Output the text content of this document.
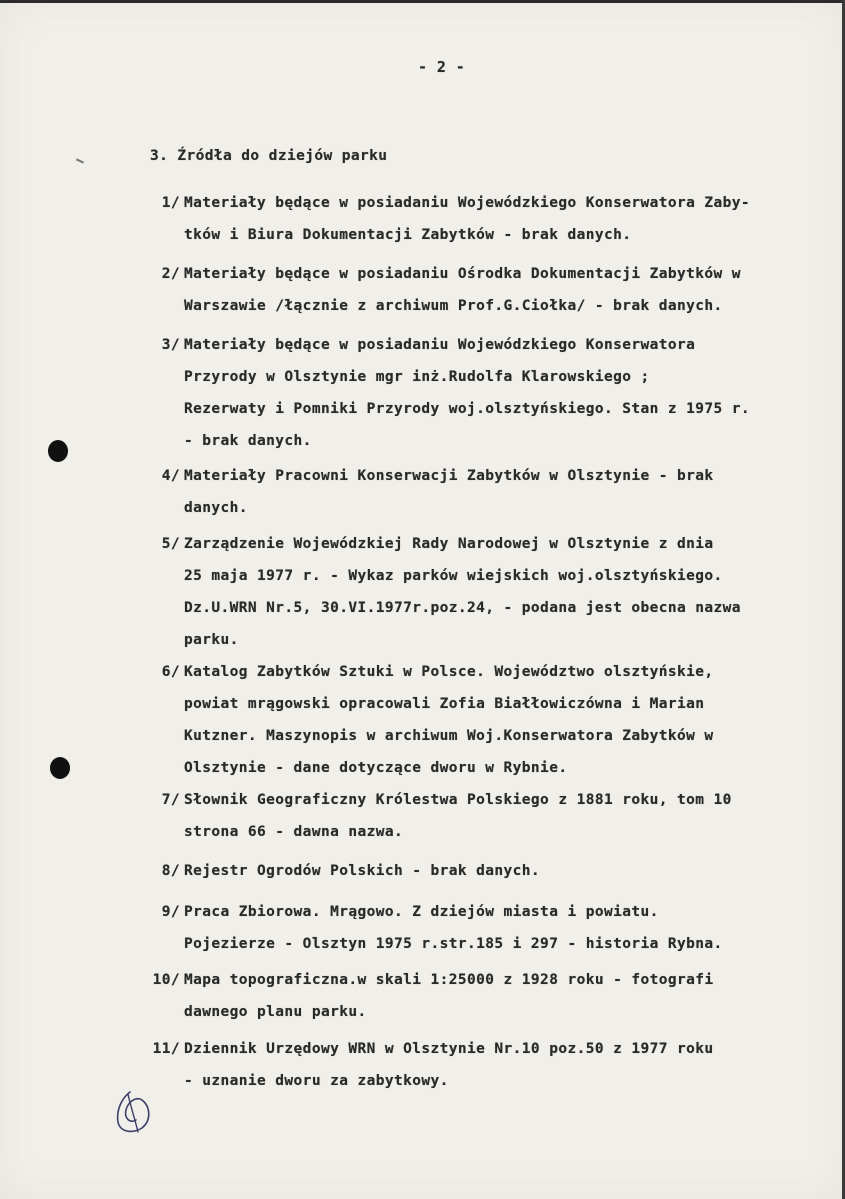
- 2 -
3. Źródła do dziejów parku
1/ Materiały będące w posiadaniu Wojewódzkiego Konserwatora Zaby-
tków i Biura Dokumentacji Zabytków - brak danych.
2/ Materiały będące w posiadaniu Ośrodka Dokumentacji Zabytków w
Warszawie /łącznie z archiwum Prof.G.Ciołka/ - brak danych.
3/ Materiały będące w posiadaniu Wojewódzkiego Konserwatora
Przyrody w Olsztynie mgr inż.Rudolfa Klarowskiego ;
Rezerwaty i Pomniki Przyrody woj.olsztyńskiego. Stan z 1975 r.
- brak danych.
4/ Materiały Pracowni Konserwacji Zabytków w Olsztynie - brak
danych.
5/ Zarządzenie Wojewódzkiej Rady Narodowej w Olsztynie z dnia
25 maja 1977 r. - Wykaz parków wiejskich woj.olsztyńskiego.
Dz.U.WRN Nr.5, 30.VI.1977r.poz.24, - podana jest obecna nazwa
parku.
6/ Katalog Zabytków Sztuki w Polsce. Województwo olsztyńskie,
powiat mrągowski opracowali Zofia Białłowiczówna i Marian
Kutzner. Maszynopis w archiwum Woj.Konserwatora Zabytków w
Olsztynie - dane dotyczące dworu w Rybnie.
7/ Słownik Geograficzny Królestwa Polskiego z 1881 roku, tom 10
strona 66 - dawna nazwa.
8/ Rejestr Ogrodów Polskich - brak danych.
9/ Praca Zbiorowa. Mrągowo. Z dziejów miasta i powiatu.
Pojezierze - Olsztyn 1975 r.str.185 i 297 - historia Rybna.
10/ Mapa topograficzna.w skali 1:25000 z 1928 roku - fotografi
dawnego planu parku.
11/ Dziennik Urzędowy WRN w Olsztynie Nr.10 poz.50 z 1977 roku
- uznanie dworu za zabytkowy.
